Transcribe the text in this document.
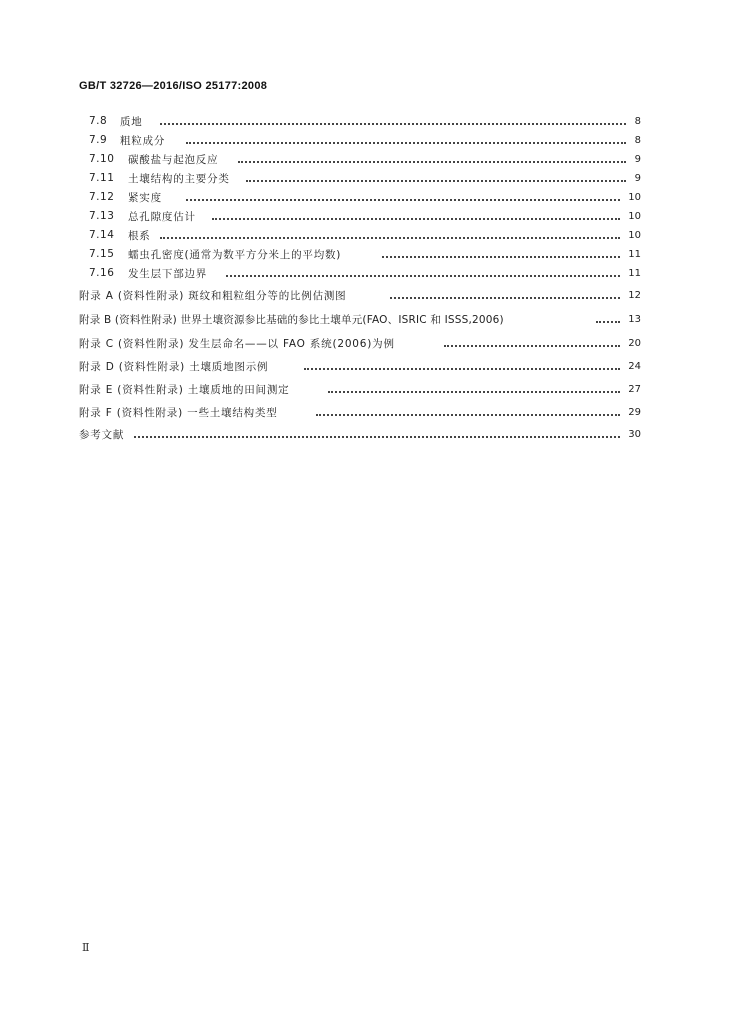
GB/T 32726—2016/ISO 25177:2008
7.8	质地	8
7.9	粗粒成分	8
7.10	碳酸盐与起泡反应	9
7.11	土壤结构的主要分类	9
7.12	紧实度	10
7.13	总孔隙度估计	10
7.14	根系	10
7.15	蠕虫孔密度(通常为数平方分米上的平均数)	11
7.16	发生层下部边界	11
附录 A (资料性附录) 斑纹和粗粒组分等的比例估测图	12
附录 B (资料性附录) 世界土壤资源参比基础的参比土壤单元(FAO、ISRIC 和 ISSS,2006)	13
附录 C (资料性附录) 发生层命名——以 FAO 系统(2006)为例	20
附录 D (资料性附录) 土壤质地图示例	24
附录 E (资料性附录) 土壤质地的田间测定	27
附录 F (资料性附录) 一些土壤结构类型	29
参考文献	30
Ⅱ
